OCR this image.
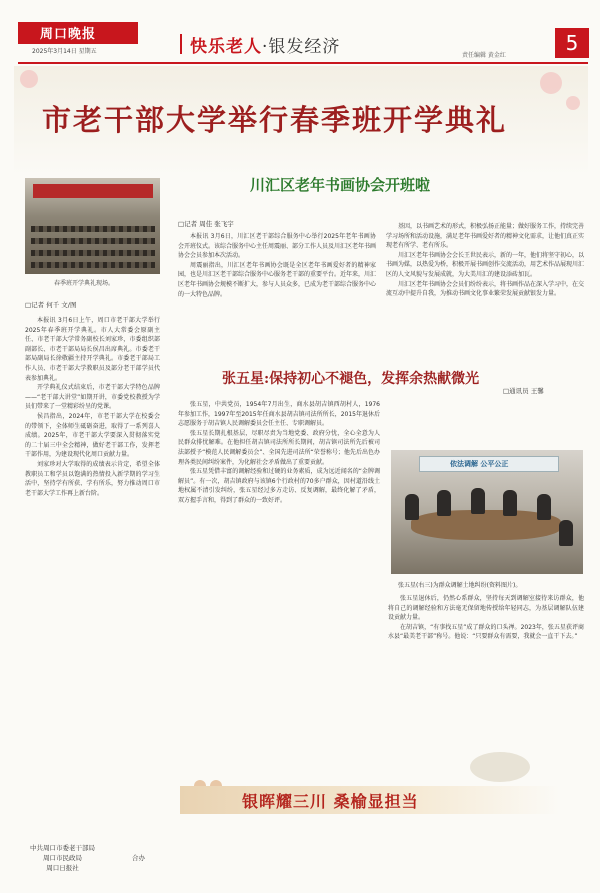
周口晚报
2025年3月14日 星期五	快乐老人·银发经济	责任编辑 黄金红
5
市老干部大学举行春季班开学典礼
川汇区老年书画协会开班啦
春季班开学典礼现场。
□记者 何千 文/图

本报讯 3月6日上午，周口市老干部大学举行2025年春季班开学典礼。市人大常委会原副主任、市老干部大学常务副校长刘家珍，市委组织部副部长、市老干部局局长侯昌出席典礼。市委老干部局副局长徐敬疆主持开学典礼。市委老干部局工作人员、市老干部大学教职员及部分老干部学员代表参加典礼。

开学典礼仪式结束后，市老干部大学特色品牌——“老干部大讲堂”如期开讲，市委党校教授为学员们带来了一堂精彩纷呈的党课。

侯昌指出，2024年，市老干部大学在校委会的带领下，全体师生砥砺奋进，取得了一系列喜人成绩。2025年，市老干部大学要深入贯彻落实党的二十届三中全会精神，做好老干部工作，发挥老干部作用，为建设现代化周口贡献力量。

刘家珍对大学取得的成绩表示肯定，希望全体教职员工和学员以饱满的热情投入新学期的学习生活中，坚持学有所获、学有所乐，努力推动周口市老干部大学工作再上新台阶。

□记者 周佳 张飞宇

本报讯 3月6日，川汇区老干部综合服务中心举行2025年老年书画协会开班仪式。该综合服务中心主任周震丽、部分工作人员及川汇区老年书画协会会员参加本次活动。

周震丽指出，川汇区老年书画协会既是全区老年书画爱好者的精神家园，也是川汇区老干部综合服务中心服务老干部的重要平台。近年来，川汇区老年书画协会规模不断扩大，参与人员众多，已成为老干部综合服务中心的一大特色品牌。

基因，以书画艺术的形式，积极弘扬正能量；做好服务工作，持续完善学习场所和活动设施，满足老年书画爱好者的精神文化需求，让他们真正实现老有所学、老有所乐。

川汇区老年书画协会会长王世民表示，新的一年，他们将坚守初心，以书画为媒，以热爱为桥，积极开展书画创作交流活动，用艺术作品展现川汇区的人文风貌与发展成就，为大美川汇的建设添砖加瓦。

川汇区老年书画协会会员们纷纷表示，将书画作品在深入学习中，在交流互动中提升自我，为推动书画文化事业繁荣发展贡献银发力量。

张五星:保持初心不褪色，发挥余热献微光
□通讯员 王馨

张五星，中共党员，1954年7月出生，商水县胡吉镇西胡村人，1976年参加工作，1997年至2015年任商水县胡吉镇司法所所长，2015年退休后志愿服务于胡吉镇人民调解委员会任主任、专职调解员。

张五星长期扎根基层，尽职尽责为当地党委、政府分忧，全心全意为人民群众排忧解难。在他担任胡吉镇司法所所长期间，胡吉镇司法所先后被司法部授予“模范人民调解委员会”、全国先进司法所“荣誉称号；他先后出色办理各类民间纠纷案件，为化解社会矛盾做出了重要贡献。

张五星凭借丰富的调解经验和过硬的业务素质，成为远近闻名的“金牌调解员”。有一次，胡吉镇政府与该镇6个行政村的70多户群众，因村道沿线土地权属不清引发纠纷，张五星经过多方走访、反复调解，最终化解了矛盾，双方握手言和，得到了群众的一致好评。

依法调解 公平公正
张五星(右三)为群众调解土地纠纷(资料图片)。

张五星退休后，仍然心系群众，坚持每天到调解室接待来访群众，他将自己的调解经验和方法毫无保留地传授给年轻同志，为基层调解队伍建设贡献力量。

在胡吉镇，“有事找五星”成了群众的口头禅。2023年，张五星获评商水县“最美老干部”称号。他说：“只要群众有需要，我就会一直干下去。”

银晖耀三川 桑榆显担当
中共周口市委老干部局
周口市民政局
周口日报社
合办
